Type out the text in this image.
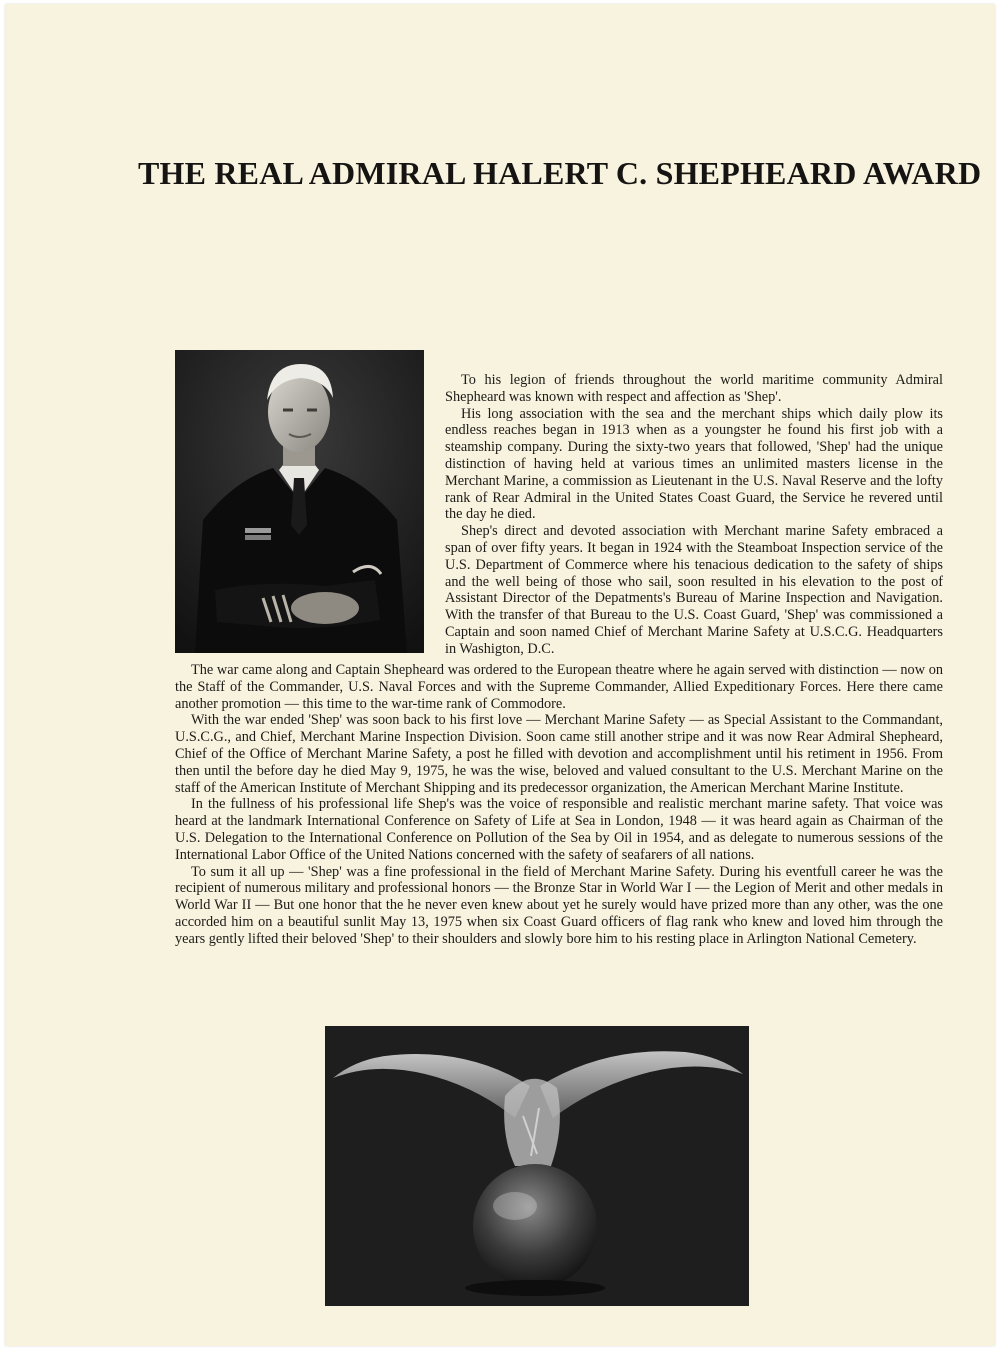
THE REAL ADMIRAL HALERT C. SHEPHEARD AWARD

To his legion of friends throughout the world maritime community Admiral Shepheard was known with respect and affection as 'Shep'.

His long association with the sea and the merchant ships which daily plow its endless reaches began in 1913 when as a youngster he found his first job with a steamship company. During the sixty-two years that followed, 'Shep' had the unique distinction of having held at various times an unlimited masters license in the Merchant Marine, a commission as Lieutenant in the U.S. Naval Reserve and the lofty rank of Rear Admiral in the United States Coast Guard, the Service he revered until the day he died.

Shep's direct and devoted association with Merchant marine Safety embraced a span of over fifty years. It began in 1924 with the Steamboat Inspection service of the U.S. Department of Commerce where his tenacious dedication to the safety of ships and the well being of those who sail, soon resulted in his elevation to the post of Assistant Director of the Depatments's Bureau of Marine Inspection and Navigation. With the transfer of that Bureau to the U.S. Coast Guard, 'Shep' was commissioned a Captain and soon named Chief of Merchant Marine Safety at U.S.C.G. Headquarters in Washigton, D.C.

The war came along and Captain Shepheard was ordered to the European theatre where he again served with distinction — now on the Staff of the Commander, U.S. Naval Forces and with the Supreme Commander, Allied Expeditionary Forces. Here there came another promotion — this time to the war-time rank of Commodore.

With the war ended 'Shep' was soon back to his first love — Merchant Marine Safety — as Special Assistant to the Commandant, U.S.C.G., and Chief, Merchant Marine Inspection Division. Soon came still another stripe and it was now Rear Admiral Shepheard, Chief of the Office of Merchant Marine Safety, a post he filled with devotion and accomplishment until his retiment in 1956. From then until the before day he died May 9, 1975, he was the wise, beloved and valued consultant to the U.S. Merchant Marine on the staff of the American Institute of Merchant Shipping and its predecessor organization, the American Merchant Marine Institute.

In the fullness of his professional life Shep's was the voice of responsible and realistic merchant marine safety. That voice was heard at the landmark International Conference on Safety of Life at Sea in London, 1948 — it was heard again as Chairman of the U.S. Delegation to the International Conference on Pollution of the Sea by Oil in 1954, and as delegate to numerous sessions of the International Labor Office of the United Nations concerned with the safety of seafarers of all nations.

To sum it all up — 'Shep' was a fine professional in the field of Merchant Marine Safety. During his eventfull career he was the recipient of numerous military and professional honors — the Bronze Star in World War I — the Legion of Merit and other medals in World War II — But one honor that the he never even knew about yet he surely would have prized more than any other, was the one accorded him on a beautiful sunlit May 13, 1975 when six Coast Guard officers of flag rank who knew and loved him through the years gently lifted their beloved 'Shep' to their shoulders and slowly bore him to his resting place in Arlington National Cemetery.
